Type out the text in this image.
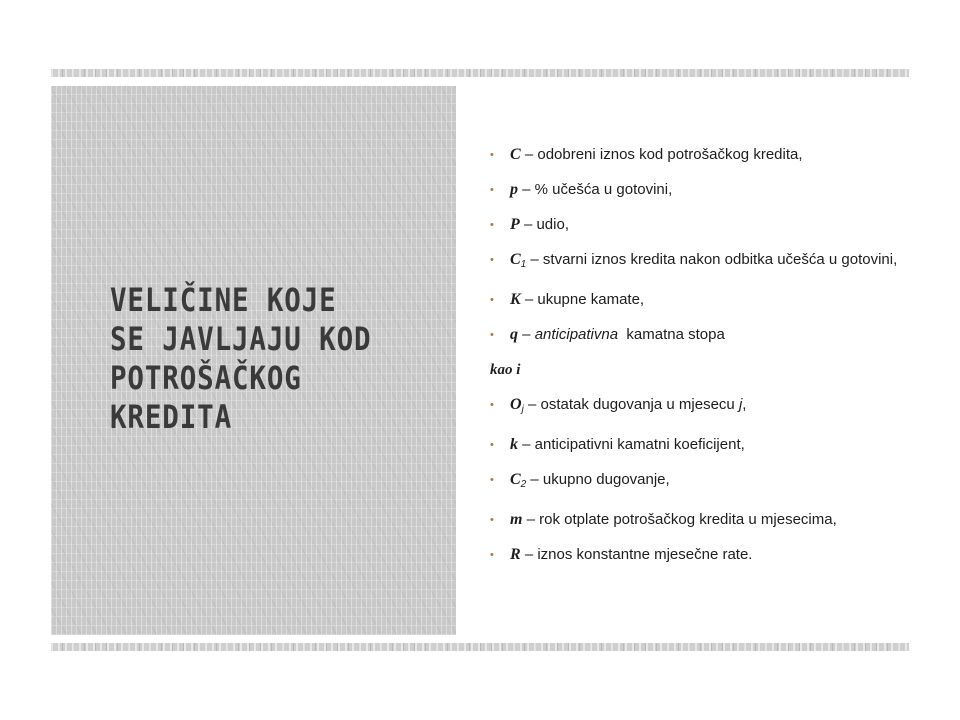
VELIČINE KOJE SE JAVLJAJU KOD POTROŠAČKOG KREDITA
• C – odobreni iznos kod potrošačkog kredita,
• p – % učešća u gotovini,
• P – udio,
• $C_1$ – stvarni iznos kredita nakon odbitka učešća u gotovini,
• K – ukupne kamate,
• q – anticipativna  kamatna stopa

kao i

• $O_j$ – ostatak dugovanja u mjesecu j,
• k – anticipativni kamatni koeficijent,
• $C_2$ – ukupno dugovanje,
• m – rok otplate potrošačkog kredita u mjesecima,
• R – iznos konstantne mjesečne rate.
